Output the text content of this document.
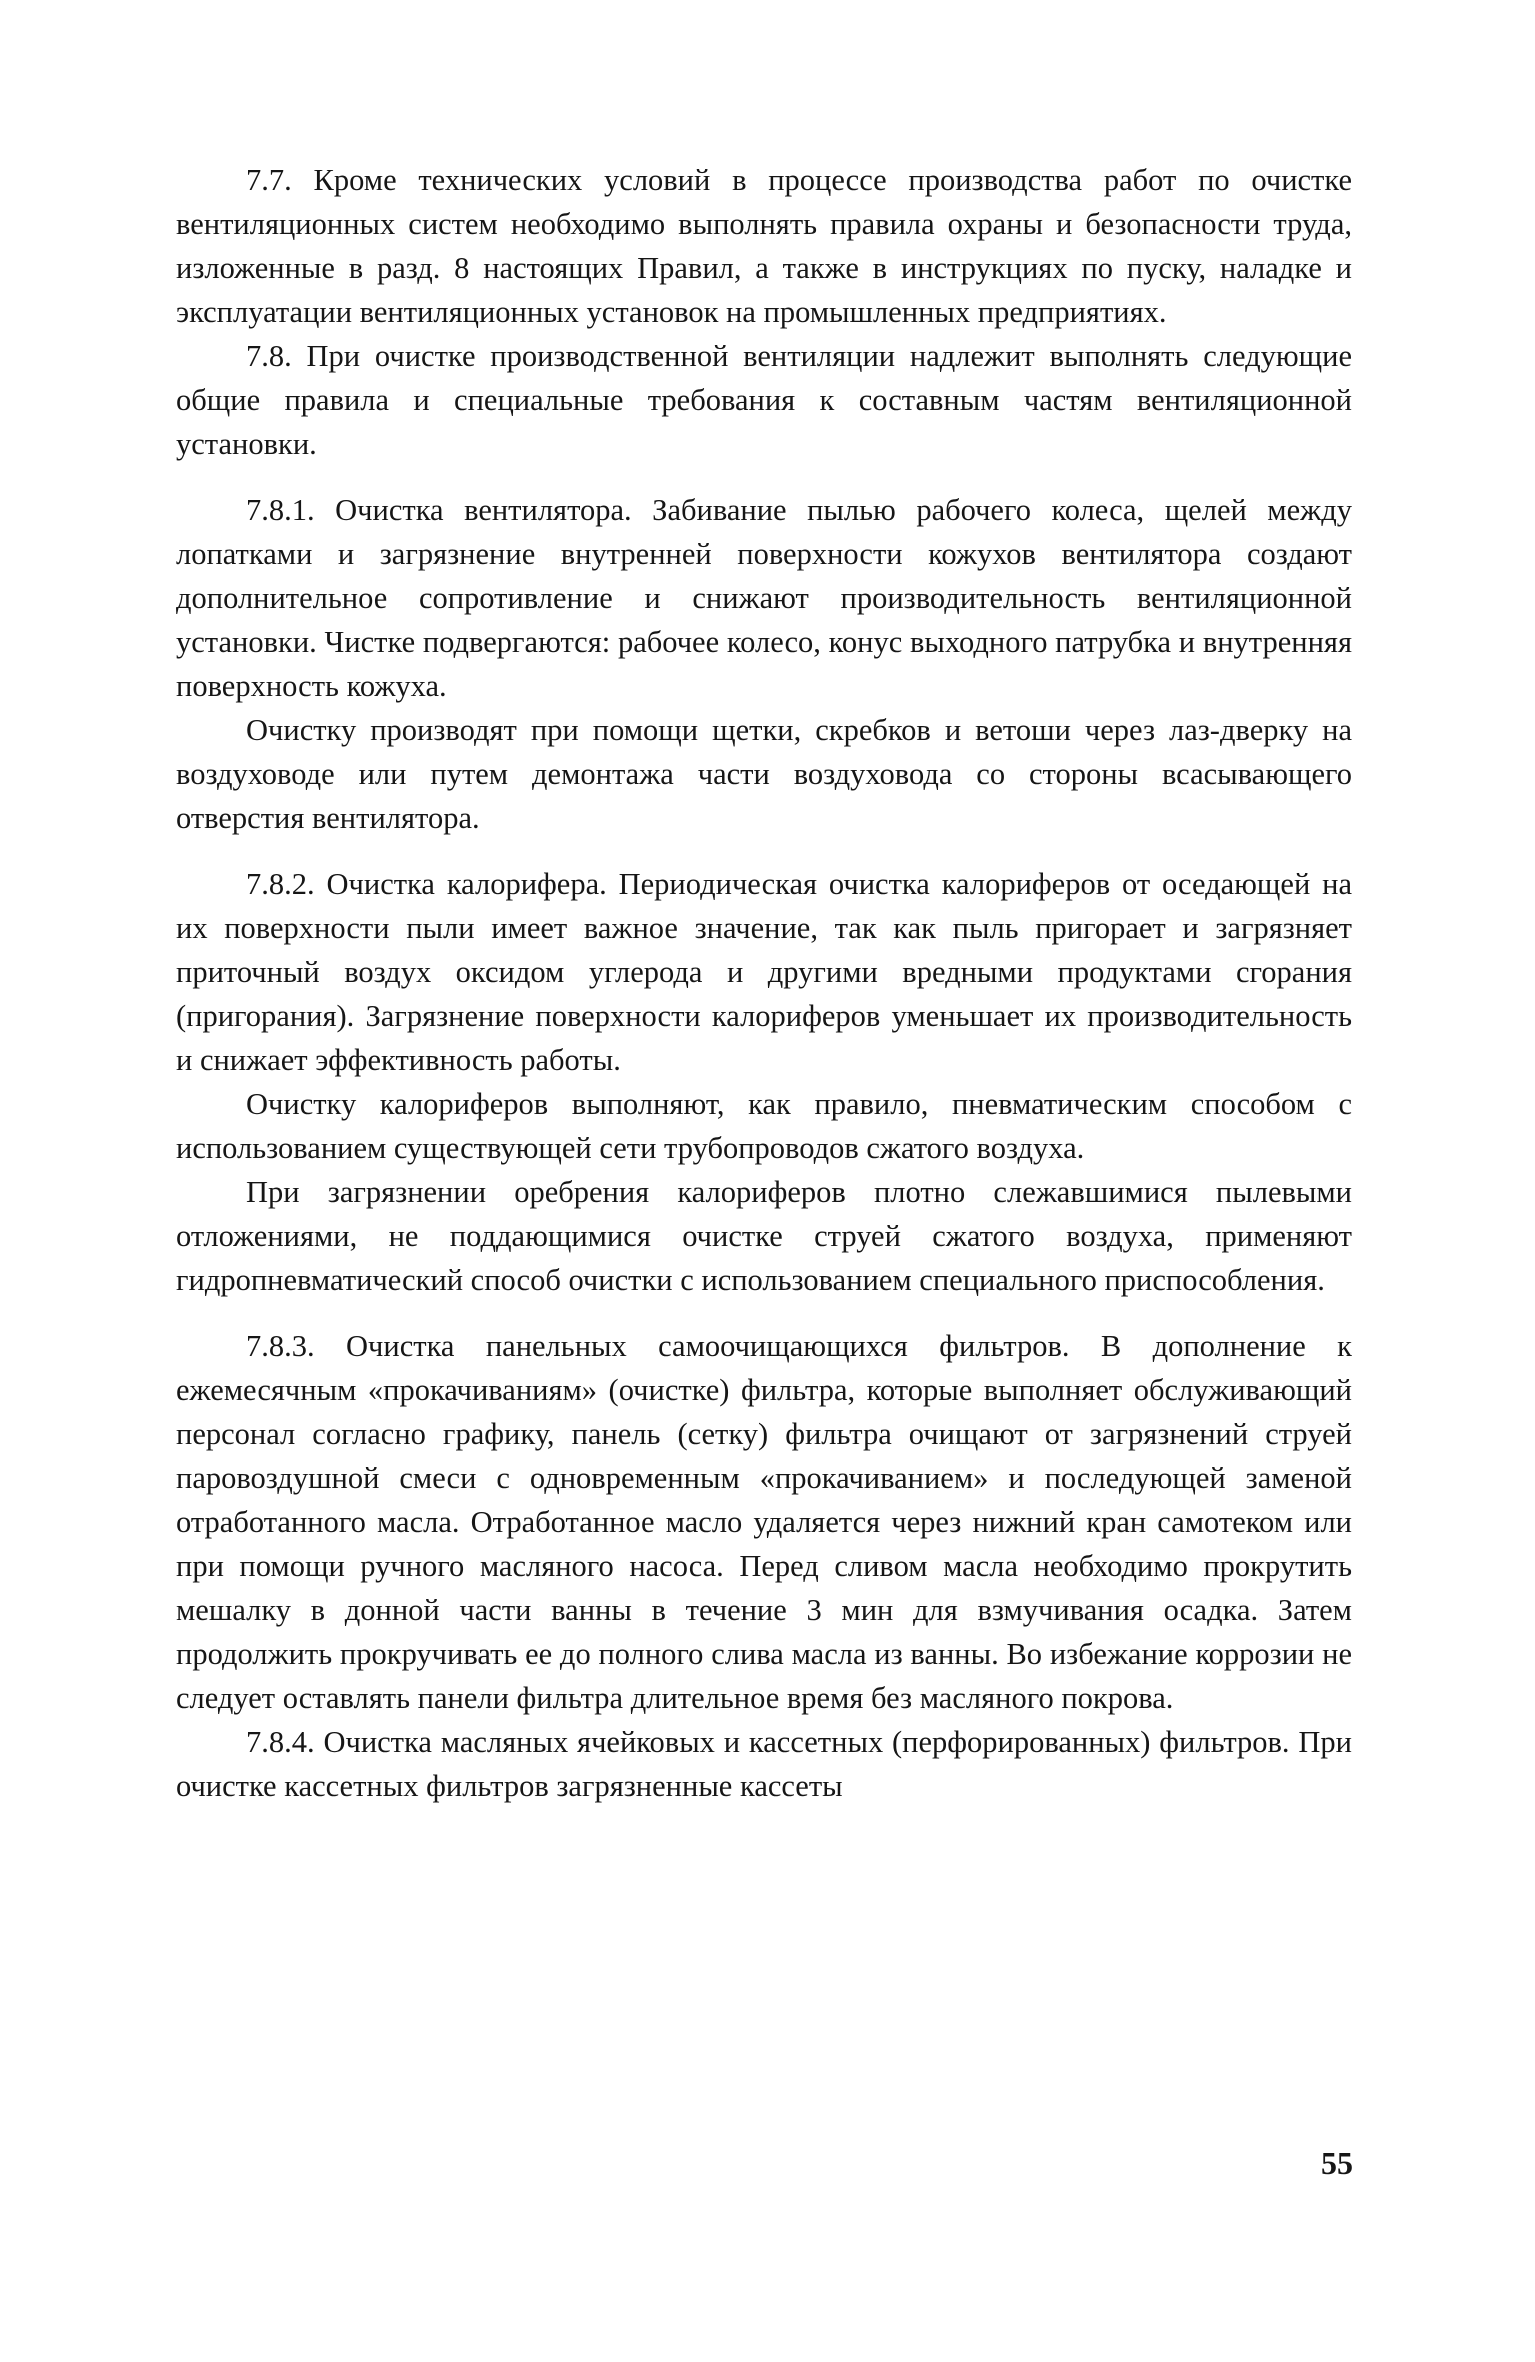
7.7. Кроме технических условий в процессе производства работ по очистке вентиляционных систем необходимо выполнять правила охраны и безопасности труда, изложенные в разд. 8 настоящих Правил, а также в инструкциях по пуску, наладке и эксплуатации вентиляционных установок на промышленных предприятиях.

7.8. При очистке производственной вентиляции надлежит выполнять следующие общие правила и специальные требования к составным частям вентиляционной установки.

7.8.1. Очистка вентилятора. Забивание пылью рабочего колеса, щелей между лопатками и загрязнение внутренней поверхности кожухов вентилятора создают дополнительное сопротивление и снижают производительность вентиляционной установки. Чистке подвергаются: рабочее колесо, конус выходного патрубка и внутренняя поверхность кожуха.

Очистку производят при помощи щетки, скребков и ветоши через лаз-дверку на воздуховоде или путем демонтажа части воздуховода со стороны всасывающего отверстия вентилятора.

7.8.2. Очистка калорифера. Периодическая очистка калориферов от оседающей на их поверхности пыли имеет важное значение, так как пыль пригорает и загрязняет приточный воздух оксидом углерода и другими вредными продуктами сгорания (пригорания). Загрязнение поверхности калориферов уменьшает их производительность и снижает эффективность работы.

Очистку калориферов выполняют, как правило, пневматическим способом с использованием существующей сети трубопроводов сжатого воздуха.

При загрязнении оребрения калориферов плотно слежавшимися пылевыми отложениями, не поддающимися очистке струей сжатого воздуха, применяют гидропневматический способ очистки с использованием специального приспособления.

7.8.3. Очистка панельных самоочищающихся фильтров. В дополнение к ежемесячным «прокачиваниям» (очистке) фильтра, которые выполняет обслуживающий персонал согласно графику, панель (сетку) фильтра очищают от загрязнений струей паровоздушной смеси с одновременным «прокачиванием» и последующей заменой отработанного масла. Отработанное масло удаляется через нижний кран самотеком или при помощи ручного масляного насоса. Перед сливом масла необходимо прокрутить мешалку в донной части ванны в течение 3 мин для взмучивания осадка. Затем продолжить прокручивать ее до полного слива масла из ванны. Во избежание коррозии не следует оставлять панели фильтра длительное время без масляного покрова.

7.8.4. Очистка масляных ячейковых и кассетных (перфорированных) фильтров. При очистке кассетных фильтров загрязненные кассеты

55
